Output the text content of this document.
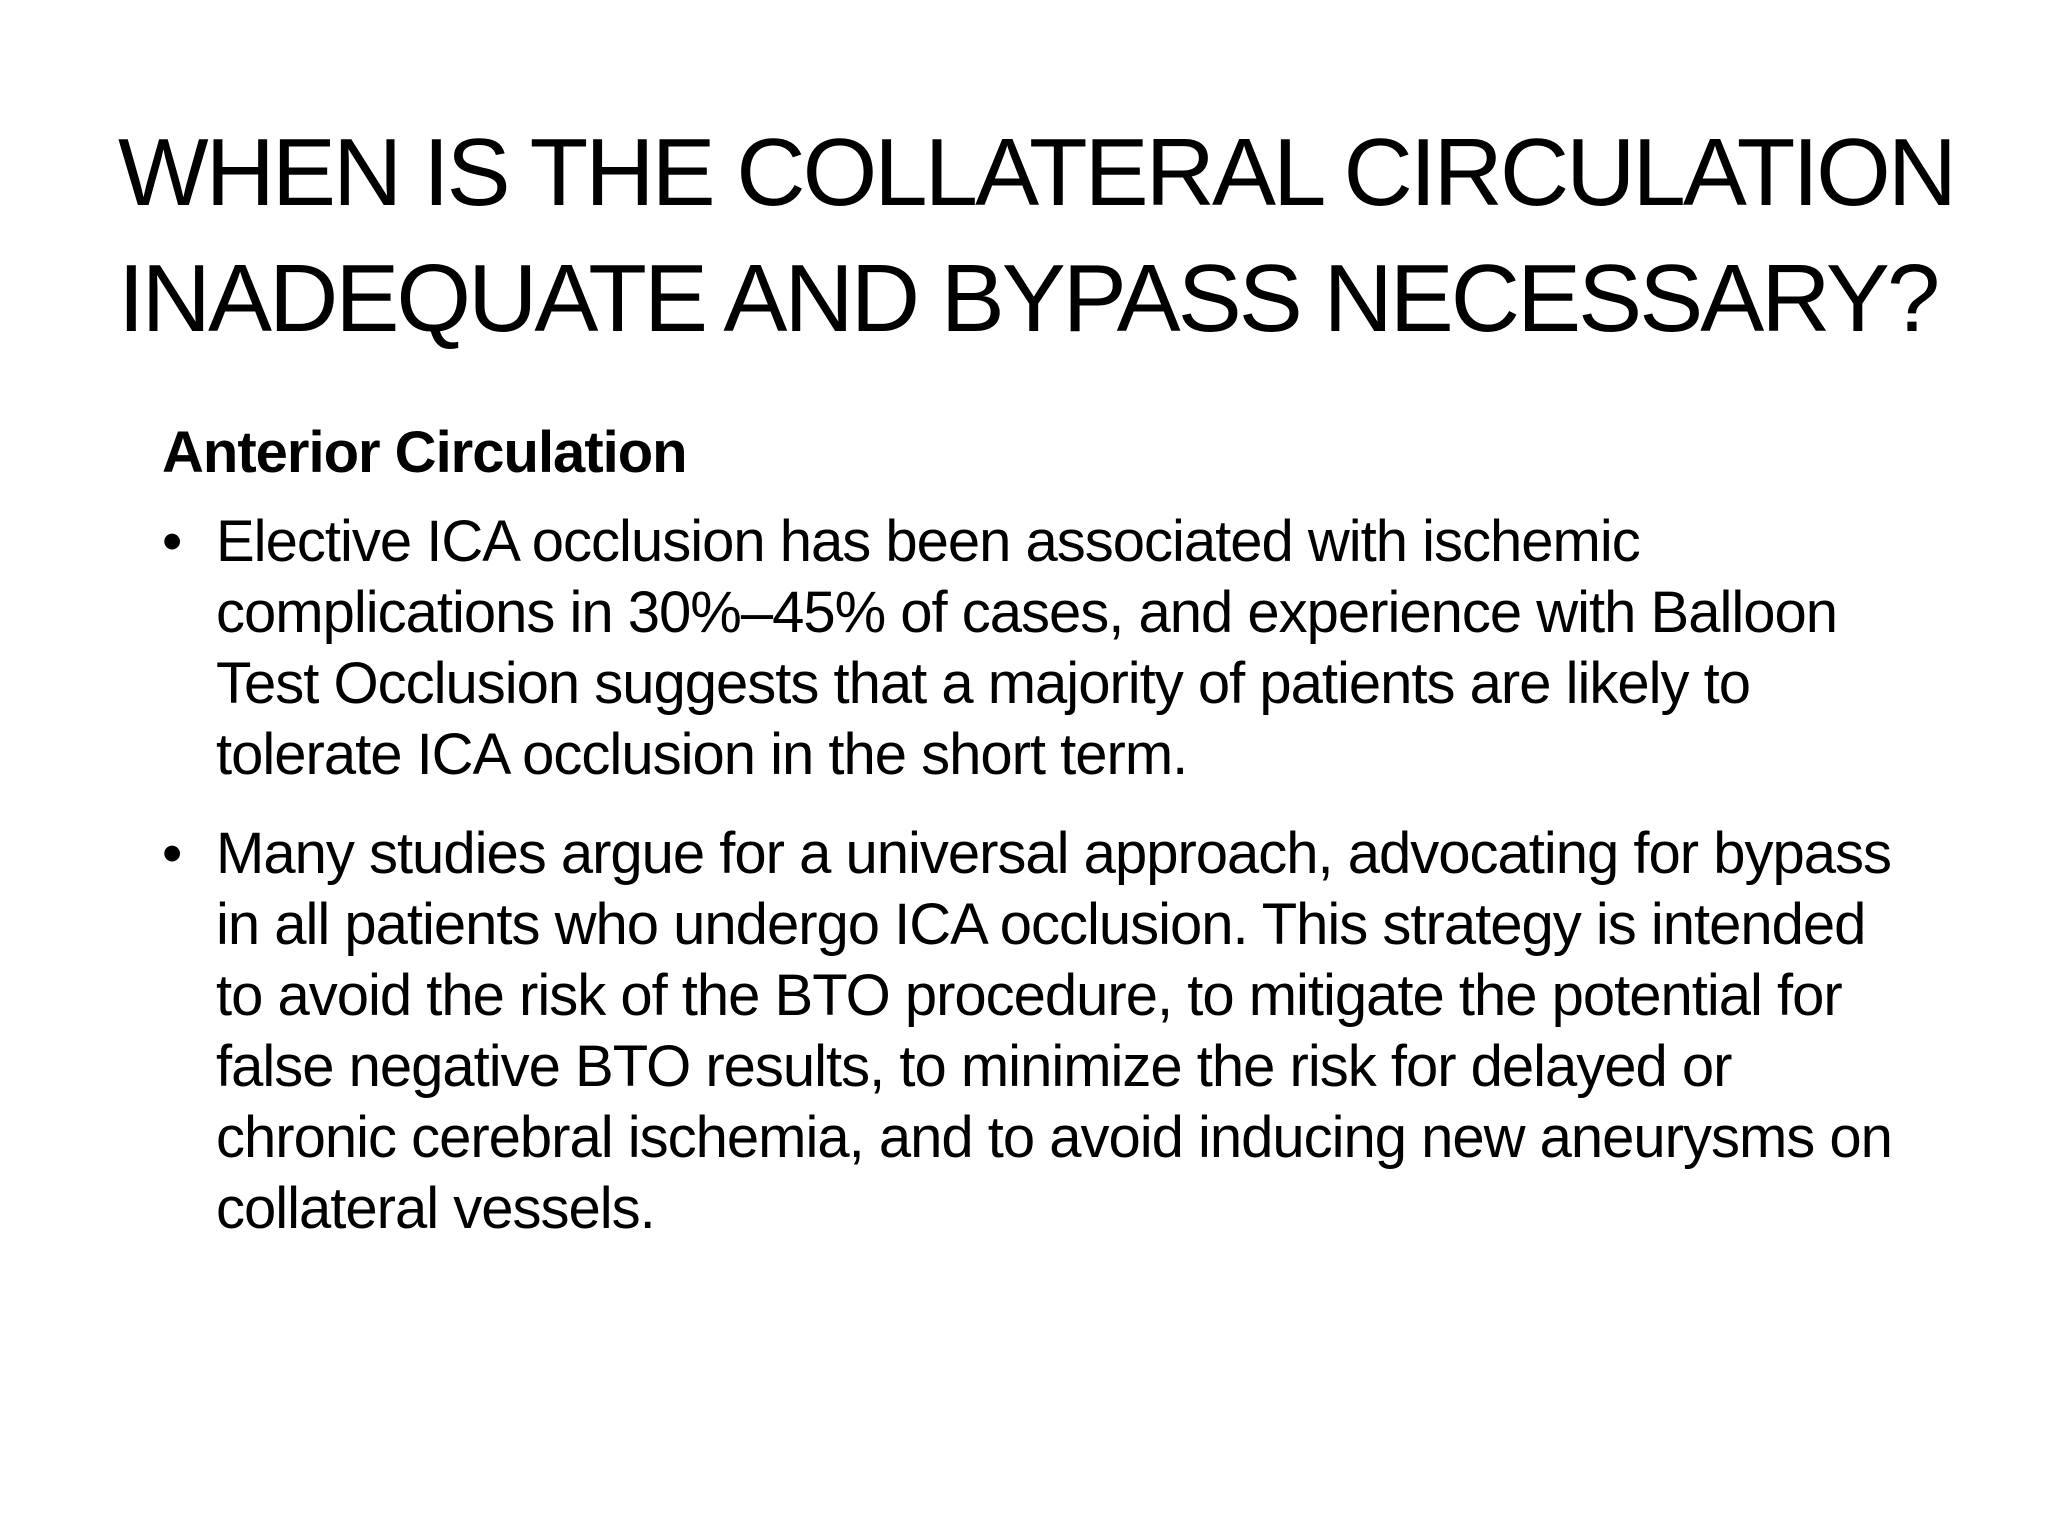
WHEN IS THE COLLATERAL CIRCULATION
INADEQUATE AND BYPASS NECESSARY?
Anterior Circulation
• Elective ICA occlusion has been associated with ischemic complications in 30%–45% of cases, and experience with Balloon Test Occlusion suggests that a majority of patients are likely to tolerate ICA occlusion in the short term.
• Many studies argue for a universal approach, advocating for bypass in all patients who undergo ICA occlusion. This strategy is intended to avoid the risk of the BTO procedure, to mitigate the potential for false negative BTO results, to minimize the risk for delayed or chronic cerebral ischemia, and to avoid inducing new aneurysms on collateral vessels.
